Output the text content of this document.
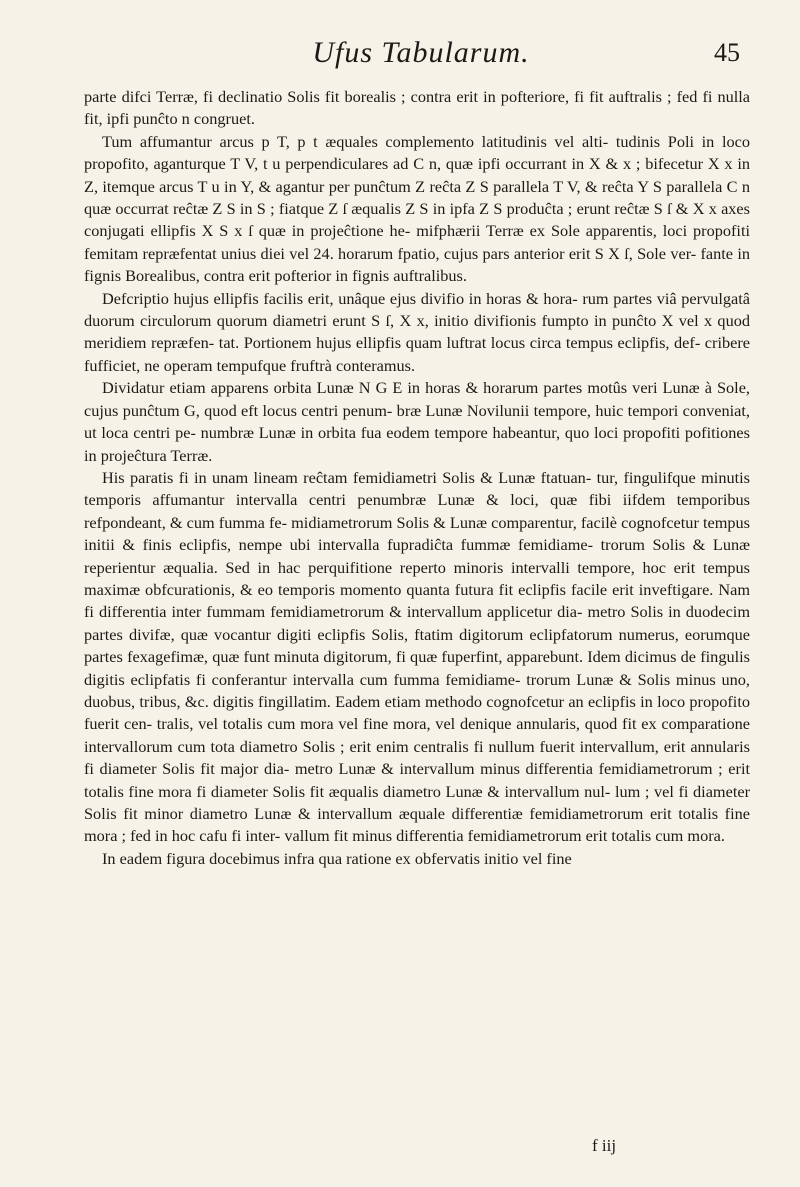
Ufus Tabularum.	45

parte difci Terræ, fi declinatio Solis fit borealis ; contra erit in pofteriore, fi fit auftralis ; fed fi nulla fit, ipfi punĉto n congruet.

Tum affumantur arcus p T, p t æquales complemento latitudinis vel alti- tudinis Poli in loco propofito, aganturque T V, t u perpendiculares ad C n, quæ ipfi occurrant in X & x ; bifecetur X x in Z, itemque arcus T u in Y, & agantur per punĉtum Z reĉta Z S parallela T V, & reĉta Y S parallela C n quæ occurrat reĉtæ Z S in S ; fiatque Z ſ æqualis Z S in ipfa Z S produĉta ; erunt reĉtæ S ſ & X x axes conjugati ellipfis X S x ſ quæ in projeĉtione he- mifphærii Terræ ex Sole apparentis, loci propofiti femitam repræfentat unius diei vel 24. horarum fpatio, cujus pars anterior erit S X ſ, Sole ver- fante in fignis Borealibus, contra erit pofterior in fignis auftralibus.

Defcriptio hujus ellipfis facilis erit, unâque ejus divifio in horas & hora- rum partes viâ pervulgatâ duorum circulorum quorum diametri erunt S ſ, X x, initio divifionis fumpto in punĉto X vel x quod meridiem repræfen- tat. Portionem hujus ellipfis quam luftrat locus circa tempus eclipfis, def- cribere fufficiet, ne operam tempufque fruftrà conteramus.

Dividatur etiam apparens orbita Lunæ N G E in horas & horarum partes motûs veri Lunæ à Sole, cujus punĉtum G, quod eft locus centri penum- bræ Lunæ Novilunii tempore, huic tempori conveniat, ut loca centri pe- numbræ Lunæ in orbita fua eodem tempore habeantur, quo loci propofiti pofitiones in projeĉtura Terræ.

His paratis fi in unam lineam reĉtam femidiametri Solis & Lunæ ftatuan- tur, fingulifque minutis temporis affumantur intervalla centri penumbræ Lunæ & loci, quæ fibi iifdem temporibus refpondeant, & cum fumma fe- midiametrorum Solis & Lunæ comparentur, facilè cognofcetur tempus initii & finis eclipfis, nempe ubi intervalla fupradiĉta fummæ femidiame- trorum Solis & Lunæ reperientur æqualia. Sed in hac perquifitione reperto minoris intervalli tempore, hoc erit tempus maximæ obfcurationis, & eo temporis momento quanta futura fit eclipfis facile erit inveftigare. Nam fi differentia inter fummam femidiametrorum & intervallum applicetur dia- metro Solis in duodecim partes divifæ, quæ vocantur digiti eclipfis Solis, ftatim digitorum eclipfatorum numerus, eorumque partes fexagefimæ, quæ funt minuta digitorum, fi quæ fuperfint, apparebunt. Idem dicimus de fingulis digitis eclipfatis fi conferantur intervalla cum fumma femidiame- trorum Lunæ & Solis minus uno, duobus, tribus, &c. digitis fingillatim. Eadem etiam methodo cognofcetur an eclipfis in loco propofito fuerit cen- tralis, vel totalis cum mora vel fine mora, vel denique annularis, quod fit ex comparatione intervallorum cum tota diametro Solis ; erit enim centralis fi nullum fuerit intervallum, erit annularis fi diameter Solis fit major dia- metro Lunæ & intervallum minus differentia femidiametrorum ; erit totalis fine mora fi diameter Solis fit æqualis diametro Lunæ & intervallum nul- lum ; vel fi diameter Solis fit minor diametro Lunæ & intervallum æquale differentiæ femidiametrorum erit totalis fine mora ; fed in hoc cafu fi inter- vallum fit minus differentia femidiametrorum erit totalis cum mora.

In eadem figura docebimus infra qua ratione ex obfervatis initio vel fine

f iij
